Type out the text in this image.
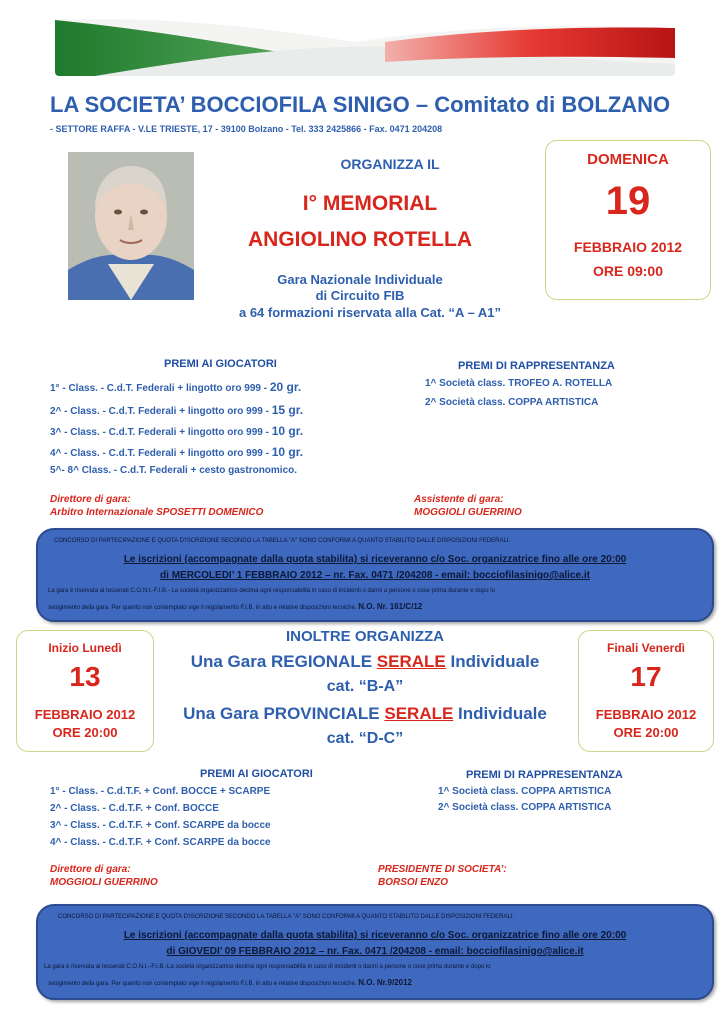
LA SOCIETA’ BOCCIOFILA SINIGO – Comitato di BOLZANO
- SETTORE RAFFA - V.LE TRIESTE, 17 - 39100 Bolzano - Tel. 333 2425866 - Fax. 0471 204208
ORGANIZZA IL
I° MEMORIAL
ANGIOLINO ROTELLA
Gara Nazionale Individuale
di Circuito FIB
a 64 formazioni riservata alla Cat. “A – A1”
DOMENICA
19
FEBBRAIO 2012
ORE 09:00
PREMI AI GIOCATORI
1° - Class. - C.d.T. Federali + lingotto oro 999 - 20 gr.
2^ - Class. - C.d.T. Federali + lingotto oro 999 - 15 gr.
3^ - Class. - C.d.T. Federali + lingotto oro 999 - 10 gr.
4^ - Class. - C.d.T. Federali + lingotto oro 999 - 10 gr.
5^- 8^ Class. - C.d.T. Federali + cesto gastronomico.
PREMI DI RAPPRESENTANZA
1^ Società class. TROFEO A. ROTELLA
2^ Società class. COPPA ARTISTICA
Direttore di gara:
Arbitro Internazionale SPOSETTI DOMENICO
Assistente di gara:
MOGGIOLI GUERRINO
CONCORSO DI PARTECIPAZIONE E QUOTA D'ISCRIZIONE SECONDO LA TABELLA "A" SONO CONFORMI A QUANTO STABILITO DALLE DISPOSIZIONI FEDERALI.
Le iscrizioni (accompagnate dalla quota stabilita) si riceveranno c/o Soc. organizzatrice fino alle ore 20:00
di MERCOLEDI’ 1 FEBBRAIO 2012 – nr. Fax. 0471 /204208 - email: bocciofilasinigo@alice.it
La gara è riservata ai tesserati C.O.N.I.-F.I.B.- La società organizzatrice declina ogni responsabilità in caso di incidenti o danni a persone o cose prima durante e dopo lo
svolgimento della gara. Per quanto non contemplato vige il regolamento F.I.B. in atto e relative disposizioni tecniche. N.O. Nr. 161/C/12
Inizio Lunedì
13
FEBBRAIO 2012
ORE 20:00
Finali Venerdì
17
FEBBRAIO 2012
ORE 20:00
INOLTRE ORGANIZZA
Una Gara REGIONALE SERALE Individuale
cat. “B-A”
Una Gara PROVINCIALE SERALE Individuale
cat. “D-C”
PREMI AI GIOCATORI
1° - Class. - C.d.T.F. + Conf. BOCCE + SCARPE
2^ - Class. - C.d.T.F. + Conf. BOCCE
3^ - Class. - C.d.T.F. + Conf. SCARPE da bocce
4^ - Class. - C.d.T.F. + Conf. SCARPE da bocce
PREMI DI RAPPRESENTANZA
1^ Società class. COPPA ARTISTICA
2^ Società class. COPPA ARTISTICA
Direttore di gara:
MOGGIOLI GUERRINO
PRESIDENTE DI SOCIETA’:
BORSOI ENZO
CONCORSO DI PARTECIPAZIONE E QUOTA D'ISCRIZIONE SECONDO LA TABELLA "A" SONO CONFORMI A QUANTO STABILITO DALLE DISPOSIZIONI FEDERALI.
Le iscrizioni (accompagnate dalla quota stabilita) si riceveranno c/o Soc. organizzatrice fino alle ore 20:00
di GIOVEDI’ 09 FEBBRAIO 2012 – nr. Fax. 0471 /204208 - email: bocciofilasinigo@alice.it
La gara è riservata ai tesserati C.O.N.I.–F.I.B.-La società organizzatrice declina ogni responsabilità in caso di incidenti o danni a persone o cose prima durante e dopo lo
svolgimento della gara. Per quanto non contemplato vige il regolamento F.I.B. in atto e relative disposizioni tecniche. N.O. Nr.9/2012
